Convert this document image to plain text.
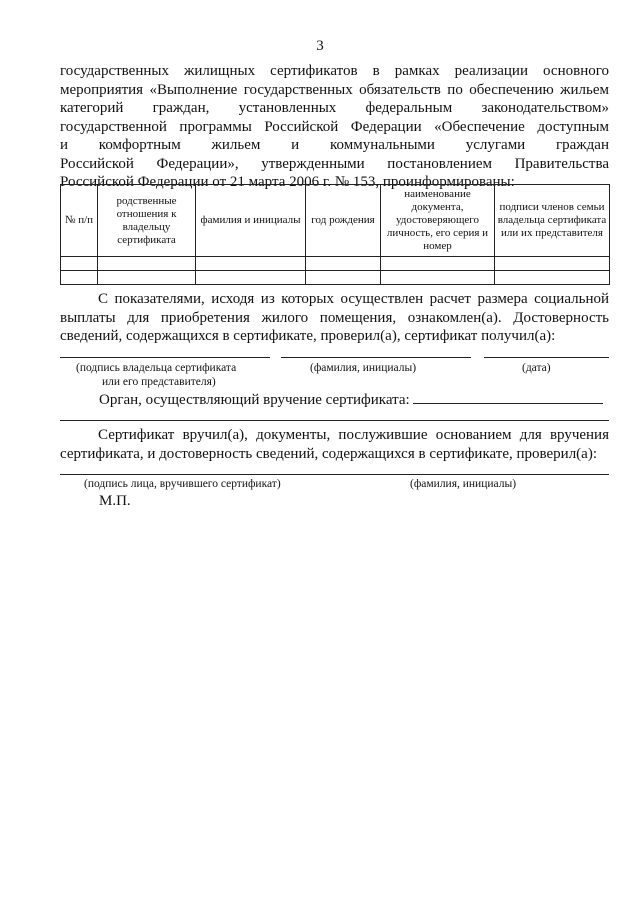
3
государственных жилищных сертификатов в рамках реализации основного
мероприятия «Выполнение государственных обязательств по обеспечению жильем
категорий граждан, установленных федеральным законодательством»
государственной программы Российской Федерации «Обеспечение доступным
и комфортным жильем и коммунальными услугами граждан
Российской Федерации», утвержденными постановлением Правительства
Российской Федерации от 21 марта 2006 г. № 153, проинформированы:
№ п/п	родственные отношения к владельцу сертификата	фамилия и инициалы	год рождения	наименование документа, удостоверяющего личность, его серия и номер	подписи членов семьи владельца сертификата или их представителя

С показателями, исходя из которых осуществлен расчет размера социальной
выплаты для приобретения жилого помещения, ознакомлен(а). Достоверность
сведений, содержащихся в сертификате, проверил(а), сертификат получил(а):
(подпись владельца сертификата
или его представителя)
(фамилия, инициалы)	(дата)
Орган, осуществляющий вручение сертификата:
Сертификат вручил(а), документы, послужившие основанием для вручения
сертификата, и достоверность сведений, содержащихся в сертификате, проверил(а):
(подпись лица, вручившего сертификат)	(фамилия, инициалы)
М.П.
